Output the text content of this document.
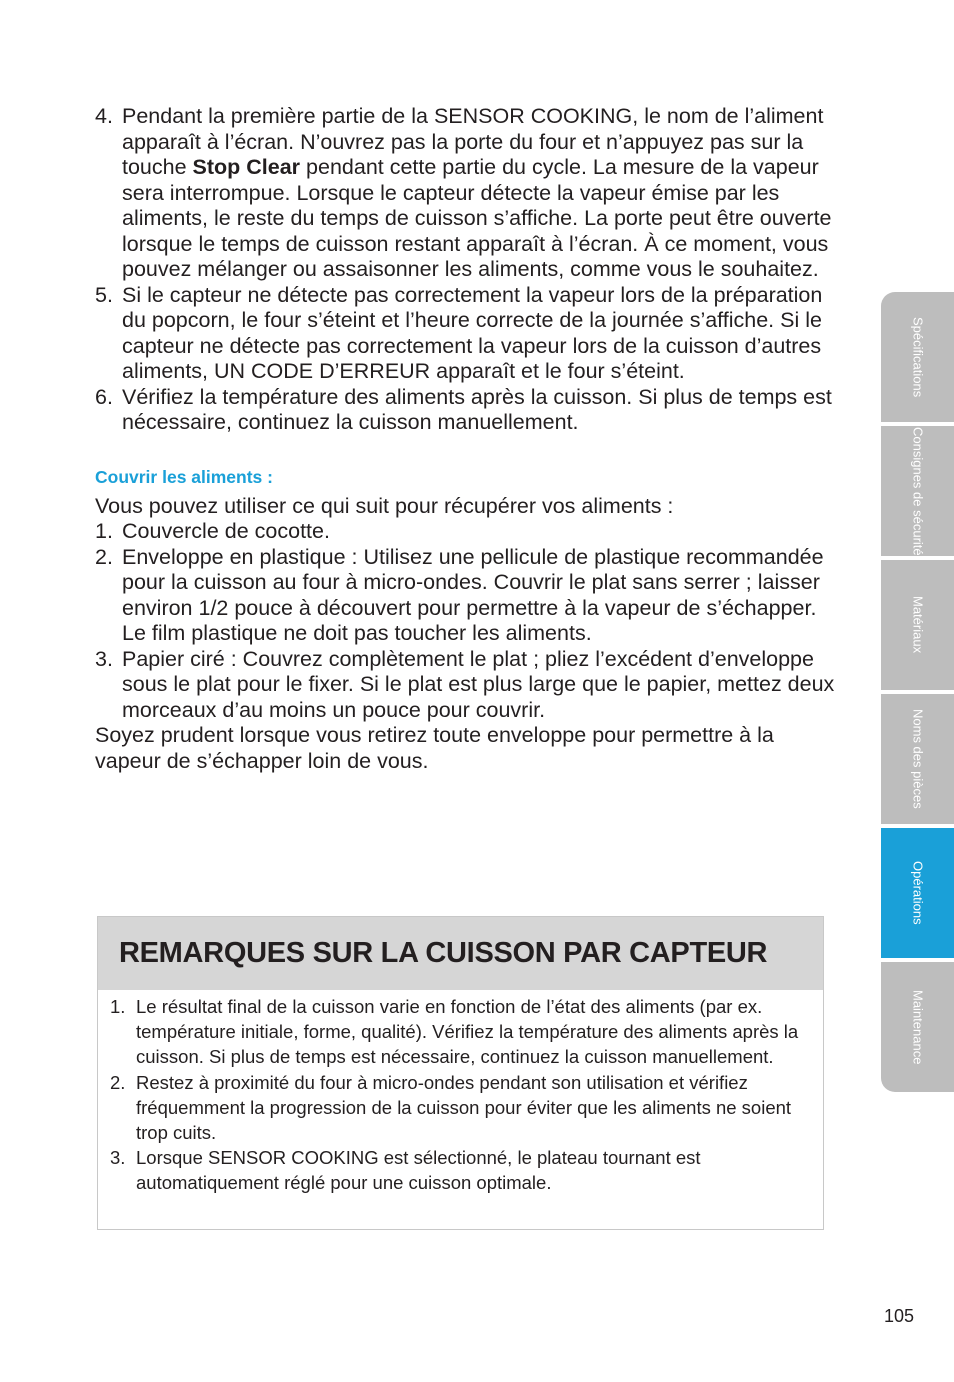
4. Pendant la première partie de la SENSOR COOKING, le nom de l’aliment apparaît à l’écran. N’ouvrez pas la porte du four et n’appuyez pas sur la touche Stop Clear pendant cette partie du cycle. La mesure de la vapeur sera interrompue. Lorsque le capteur détecte la vapeur émise par les aliments, le reste du temps de cuisson s’affiche. La porte peut être ouverte lorsque le temps de cuisson restant apparaît à l’écran. À ce moment, vous pouvez mélanger ou assaisonner les aliments, comme vous le souhaitez.
5. Si le capteur ne détecte pas correctement la vapeur lors de la préparation du popcorn, le four s’éteint et l’heure correcte de la journée s’affiche. Si le capteur ne détecte pas correctement la vapeur lors de la cuisson d’autres aliments, UN CODE D’ERREUR apparaît et le four s’éteint.
6. Vérifiez la température des aliments après la cuisson. Si plus de temps est nécessaire, continuez la cuisson manuellement.
Couvrir les aliments :

Vous pouvez utiliser ce qui suit pour récupérer vos aliments :

1. Couvercle de cocotte.
2. Enveloppe en plastique : Utilisez une pellicule de plastique recommandée pour la cuisson au four à micro-ondes. Couvrir le plat sans serrer ; laisser environ 1/2 pouce à découvert pour permettre à la vapeur de s’échapper. Le film plastique ne doit pas toucher les aliments.
3. Papier ciré : Couvrez complètement le plat ; pliez l’excédent d’enveloppe sous le plat pour le fixer. Si le plat est plus large que le papier, mettez deux morceaux d’au moins un pouce pour couvrir.

Soyez prudent lorsque vous retirez toute enveloppe pour permettre à la vapeur de s’échapper loin de vous.

REMARQUES SUR LA CUISSON PAR CAPTEUR
1. Le résultat final de la cuisson varie en fonction de l’état des aliments (par ex. température initiale, forme, qualité). Vérifiez la température des aliments après la cuisson. Si plus de temps est nécessaire, continuez la cuisson manuellement.
2. Restez à proximité du four à micro-ondes pendant son utilisation et vérifiez fréquemment la progression de la cuisson pour éviter que les aliments ne soient trop cuits.
3. Lorsque SENSOR COOKING est sélectionné, le plateau tournant est automatiquement réglé pour une cuisson optimale.
Spécifications
Consignes de sécurité
Matériaux
Noms des pièces
Opérations
Maintenance
105
